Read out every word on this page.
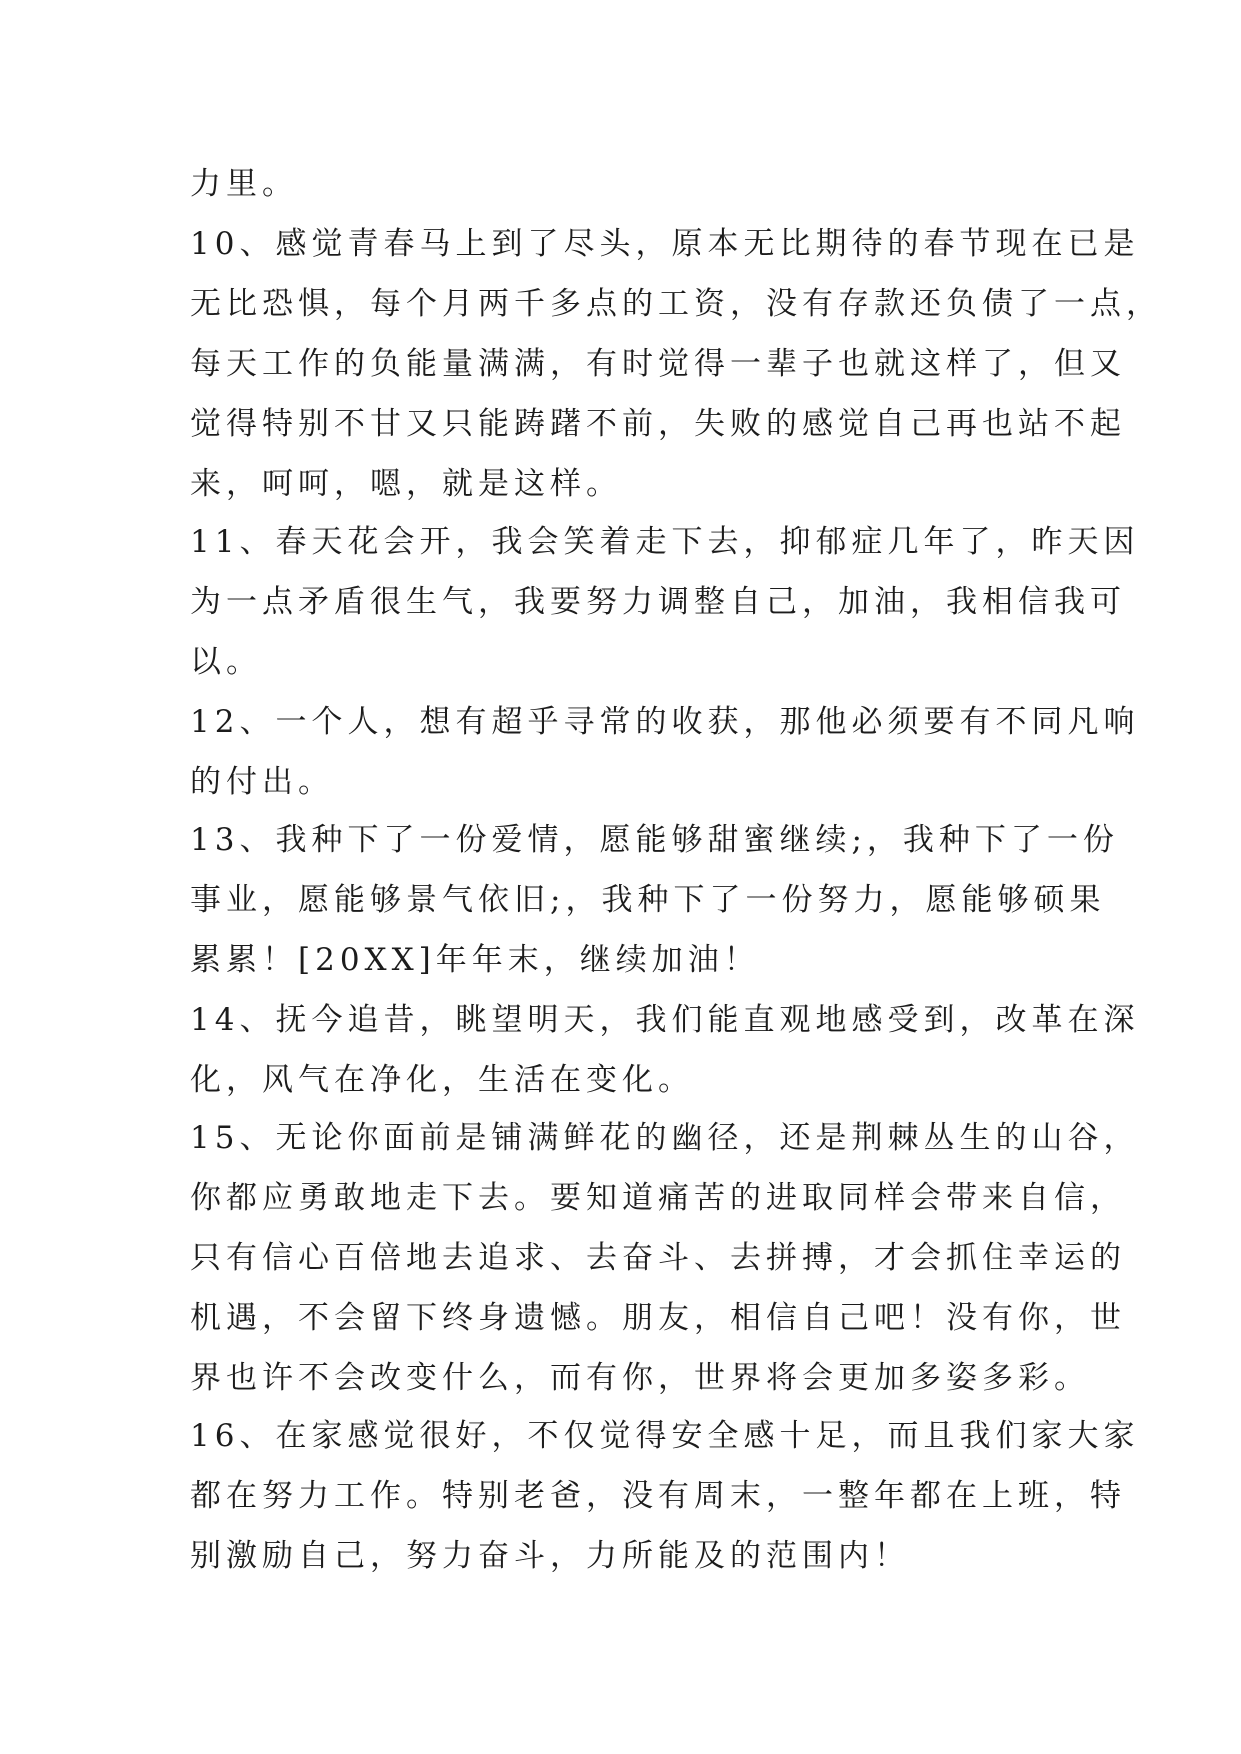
力里。

10、感觉青春马上到了尽头，原本无比期待的春节现在已是

无比恐惧，每个月两千多点的工资，没有存款还负债了一点，

每天工作的负能量满满，有时觉得一辈子也就这样了，但又

觉得特别不甘又只能踌躇不前，失败的感觉自己再也站不起

来，呵呵，嗯，就是这样。

11、春天花会开，我会笑着走下去，抑郁症几年了，昨天因

为一点矛盾很生气，我要努力调整自己，加油，我相信我可

以。

12、一个人，想有超乎寻常的收获，那他必须要有不同凡响

的付出。

13、我种下了一份爱情，愿能够甜蜜继续;，我种下了一份

事业，愿能够景气依旧;，我种下了一份努力，愿能够硕果

累累！[20XX]年年末，继续加油！

14、抚今追昔，眺望明天，我们能直观地感受到，改革在深

化，风气在净化，生活在变化。

15、无论你面前是铺满鲜花的幽径，还是荆棘丛生的山谷，

你都应勇敢地走下去。要知道痛苦的进取同样会带来自信，

只有信心百倍地去追求、去奋斗、去拼搏，才会抓住幸运的

机遇，不会留下终身遗憾。朋友，相信自己吧！没有你，世

界也许不会改变什么，而有你，世界将会更加多姿多彩。

16、在家感觉很好，不仅觉得安全感十足，而且我们家大家

都在努力工作。特别老爸，没有周末，一整年都在上班，特

别激励自己，努力奋斗，力所能及的范围内！
